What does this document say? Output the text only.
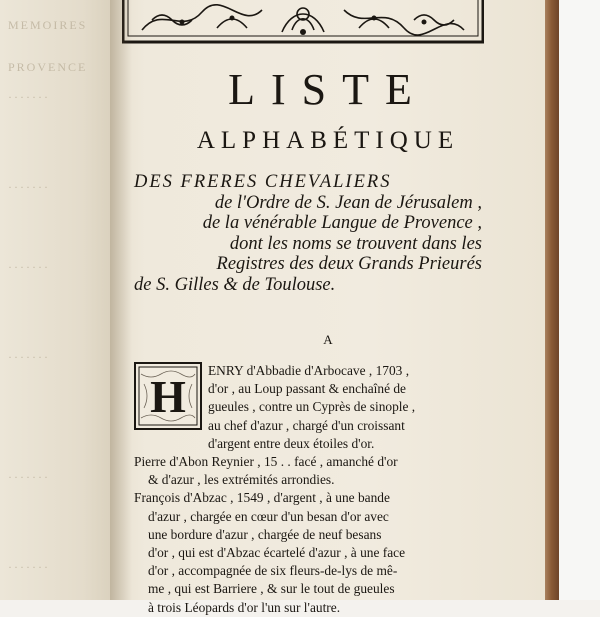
MEMOIRES
PROVENCE
·······
·······
·······
·······
·······
·······
LISTE
ALPHABÉTIQUE
DES FRERES CHEVALIERS
de l'Ordre de S. Jean de Jérusalem ,
de la vénérable Langue de Provence ,
dont les noms se trouvent dans les
Registres des deux Grands Prieurés
de S. Gilles & de Toulouse.
A
H	ENRY d'Abbadie d'Arbocave , 1703 ,

d'or , au Loup passant & enchaîné de

gueules , contre un Cyprès de sinople ,

au chef d'azur , chargé d'un croissant

d'argent entre deux étoiles d'or.

Pierre d'Abon Reynier , 15 . . facé , amanché d'or

& d'azur , les extrémités arrondies.

François d'Abzac , 1549 , d'argent , à une bande

d'azur , chargée en cœur d'un besan d'or avec

une bordure d'azur , chargée de neuf besans

d'or , qui est d'Abzac écartelé d'azur , à une face

d'or , accompagnée de six fleurs-de-lys de mê-

me , qui est Barriere , & sur le tout de gueules

à trois Léopards d'or l'un sur l'autre.
